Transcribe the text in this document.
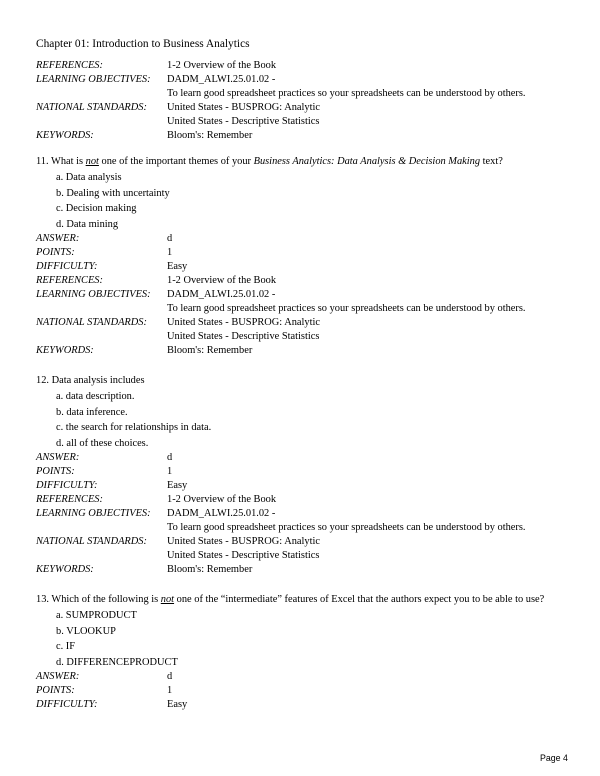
Chapter 01: Introduction to Business Analytics
REFERENCES:	1-2 Overview of the Book
LEARNING OBJECTIVES:	DADM_ALWI.25.01.02 -
To learn good spreadsheet practices so your spreadsheets can be understood by others.
NATIONAL STANDARDS:	United States - BUSPROG: Analytic
United States - Descriptive Statistics
KEYWORDS:	Bloom's: Remember
11. What is not one of the important themes of your Business Analytics: Data Analysis & Decision Making text?
a. Data analysis
b. Dealing with uncertainty
c. Decision making
d. Data mining
ANSWER:	d
POINTS:	1
DIFFICULTY:	Easy
REFERENCES:	1-2 Overview of the Book
LEARNING OBJECTIVES:	DADM_ALWI.25.01.02 -
To learn good spreadsheet practices so your spreadsheets can be understood by others.
NATIONAL STANDARDS:	United States - BUSPROG: Analytic
United States - Descriptive Statistics
KEYWORDS:	Bloom's: Remember
12. Data analysis includes
a. data description.
b. data inference.
c. the search for relationships in data.
d. all of these choices.
ANSWER:	d
POINTS:	1
DIFFICULTY:	Easy
REFERENCES:	1-2 Overview of the Book
LEARNING OBJECTIVES:	DADM_ALWI.25.01.02 -
To learn good spreadsheet practices so your spreadsheets can be understood by others.
NATIONAL STANDARDS:	United States - BUSPROG: Analytic
United States - Descriptive Statistics
KEYWORDS:	Bloom's: Remember
13. Which of the following is not one of the “intermediate” features of Excel that the authors expect you to be able to use?
a. SUMPRODUCT
b. VLOOKUP
c. IF
d. DIFFERENCEPRODUCT
ANSWER:	d
POINTS:	1
DIFFICULTY:	Easy
Page 4
